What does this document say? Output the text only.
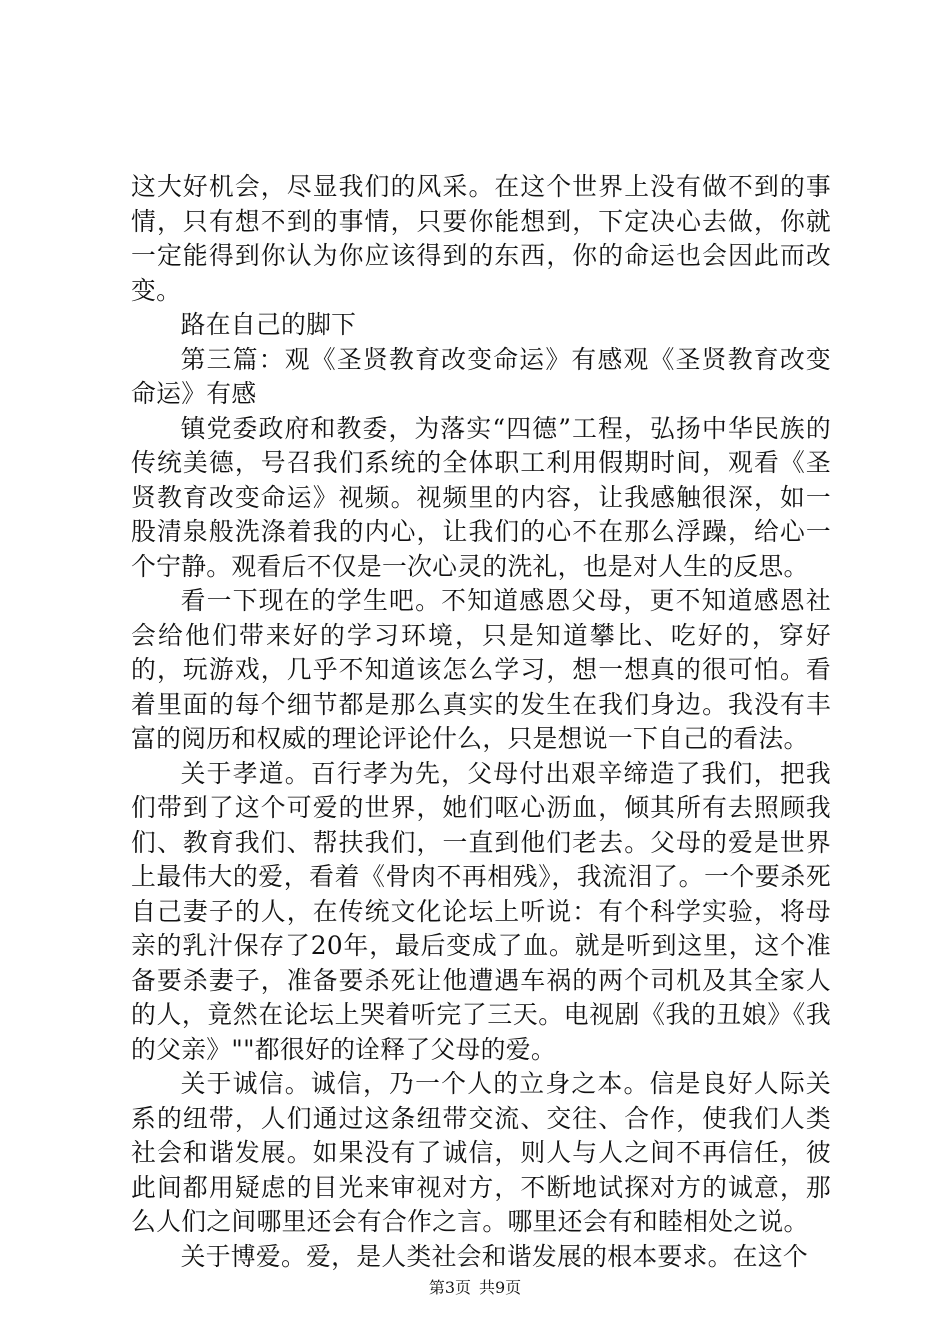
这大好机会，尽显我们的风采。在这个世界上没有做不到的事情，只有想不到的事情，只要你能想到，下定决心去做，你就一定能得到你认为你应该得到的东西，你的命运也会因此而改变。

路在自己的脚下

第三篇：观《圣贤教育改变命运》有感观《圣贤教育改变命运》有感

镇党委政府和教委，为落实“四德”工程，弘扬中华民族的传统美德，号召我们系统的全体职工利用假期时间，观看《圣贤教育改变命运》视频。视频里的内容，让我感触很深，如一股清泉般洗涤着我的内心，让我们的心不在那么浮躁，给心一个宁静。观看后不仅是一次心灵的洗礼，也是对人生的反思。

看一下现在的学生吧。不知道感恩父母，更不知道感恩社会给他们带来好的学习环境，只是知道攀比、吃好的，穿好的，玩游戏，几乎不知道该怎么学习，想一想真的很可怕。看着里面的每个细节都是那么真实的发生在我们身边。我没有丰富的阅历和权威的理论评论什么，只是想说一下自己的看法。

关于孝道。百行孝为先，父母付出艰辛缔造了我们，把我们带到了这个可爱的世界，她们呕心沥血，倾其所有去照顾我们、教育我们、帮扶我们，一直到他们老去。父母的爱是世界上最伟大的爱，看着《骨肉不再相残》，我流泪了。一个要杀死自己妻子的人，在传统文化论坛上听说：有个科学实验，将母亲的乳汁保存了20年，最后变成了血。就是听到这里，这个准备要杀妻子，准备要杀死让他遭遇车祸的两个司机及其全家人的人，竟然在论坛上哭着听完了三天。电视剧《我的丑娘》《我的父亲》""都很好的诠释了父母的爱。

关于诚信。诚信，乃一个人的立身之本。信是良好人际关系的纽带，人们通过这条纽带交流、交往、合作，使我们人类社会和谐发展。如果没有了诚信，则人与人之间不再信任，彼此间都用疑虑的目光来审视对方，不断地试探对方的诚意，那么人们之间哪里还会有合作之言。哪里还会有和睦相处之说。

关于博爱。爱，是人类社会和谐发展的根本要求。在这个

第3页 共9页
